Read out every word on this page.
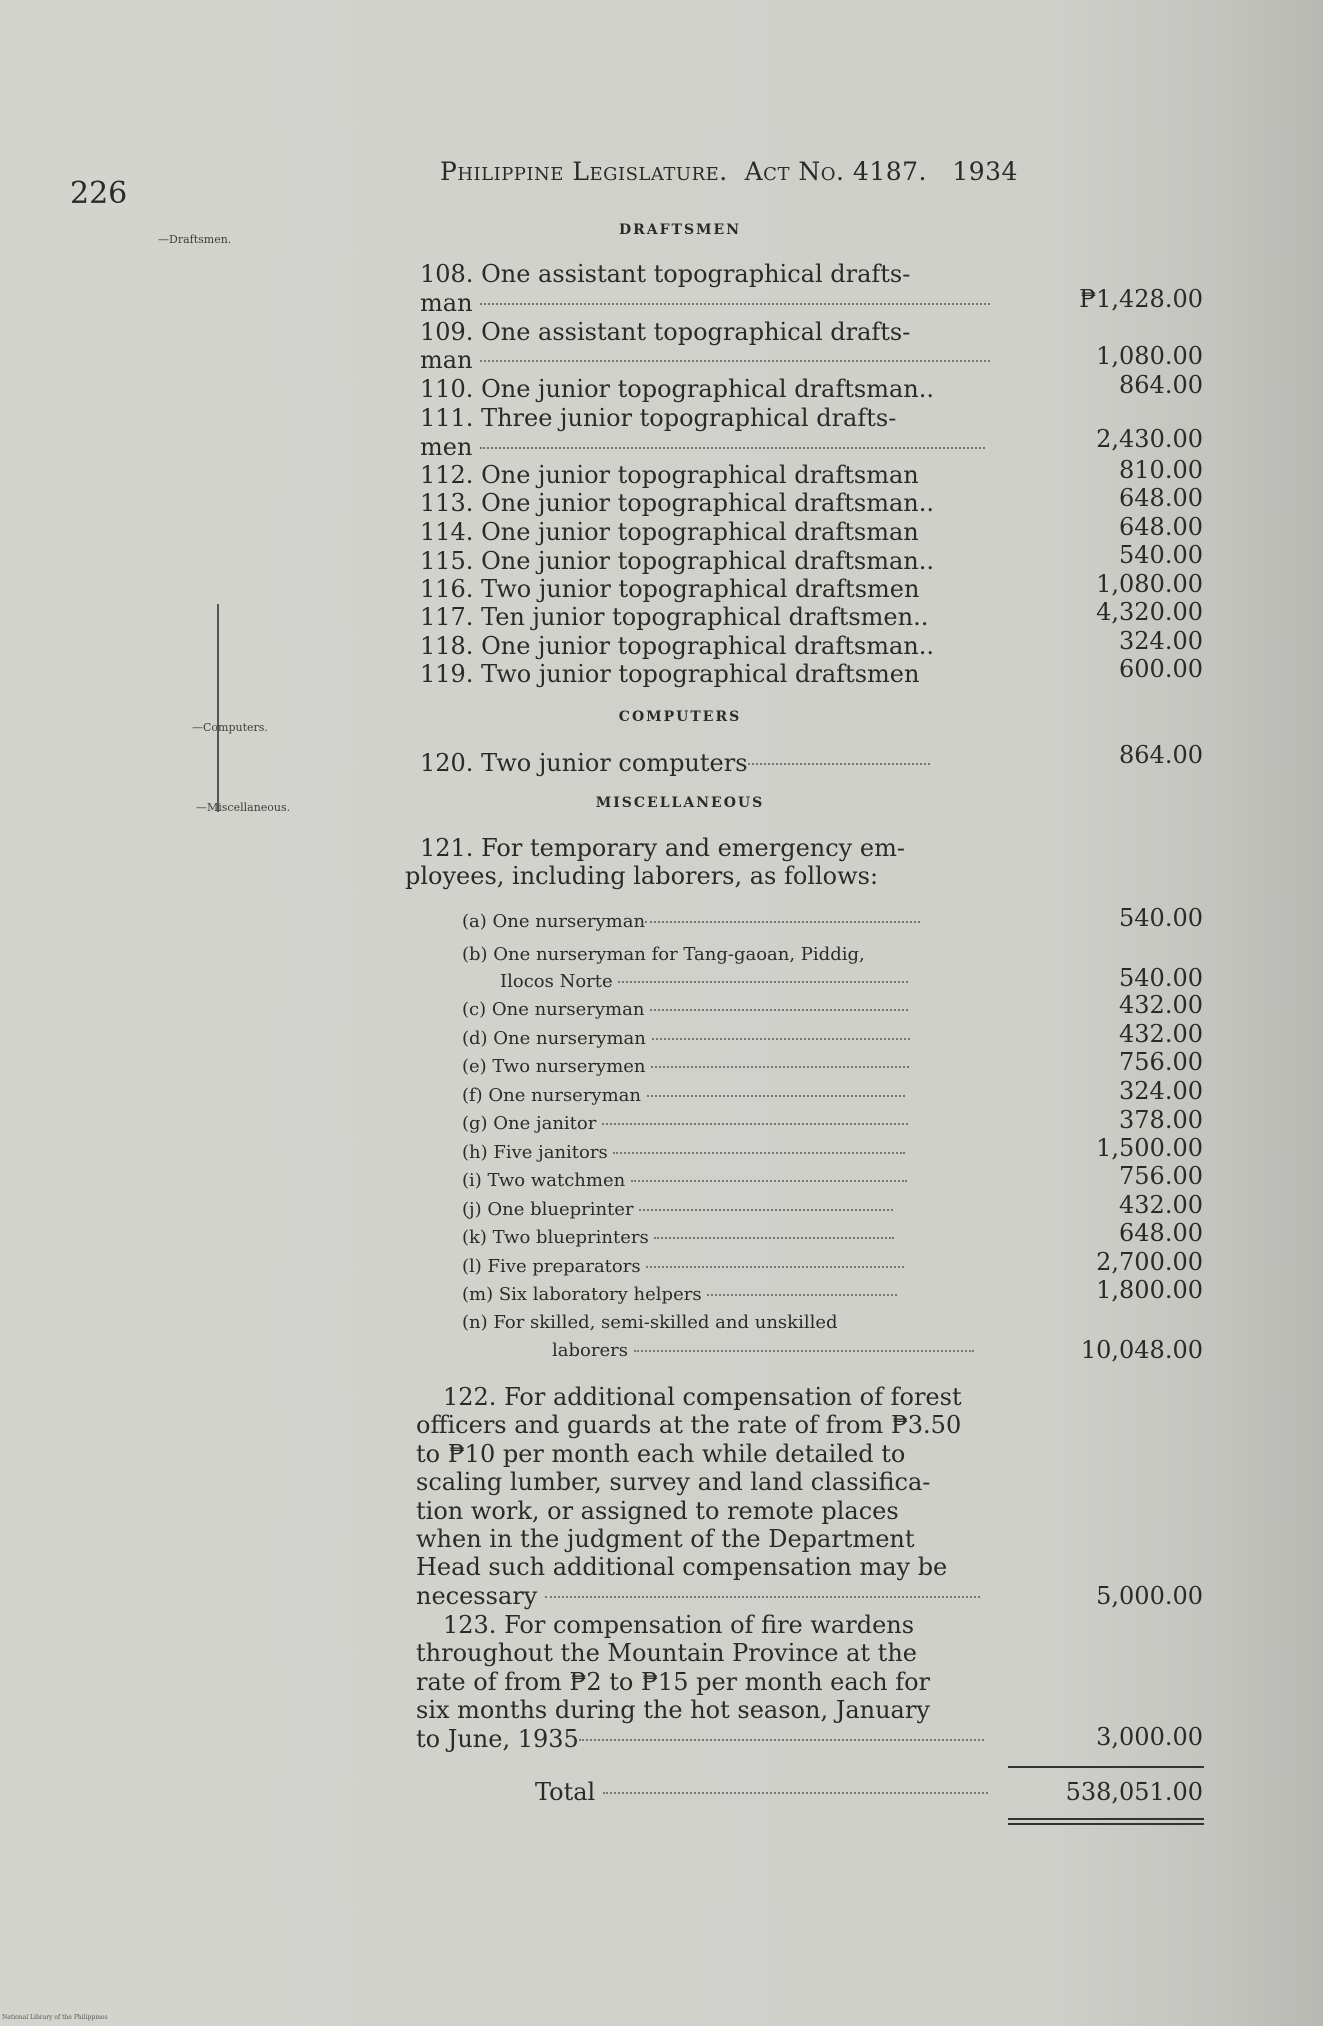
226
Philippine Legislature. Act No. 4187. 1934
—Draftsmen.
—Computers.
—Miscellaneous.
DRAFTSMEN
108. One assistant topographical drafts-
man	₱1,428.00
109. One assistant topographical drafts-
man	1,080.00
110. One junior topographical draftsman..	864.00
111. Three junior topographical drafts-
men	2,430.00
112. One junior topographical draftsman	810.00
113. One junior topographical draftsman..	648.00
114. One junior topographical draftsman	648.00
115. One junior topographical draftsman..	540.00
116. Two junior topographical draftsmen	1,080.00
117. Ten junior topographical draftsmen..	4,320.00
118. One junior topographical draftsman..	324.00
119. Two junior topographical draftsmen	600.00
COMPUTERS
120. Two junior computers	864.00
MISCELLANEOUS
121. For temporary and emergency em-
ployees, including laborers, as follows:
(a) One nurseryman	540.00
(b) One nurseryman for Tang-gaoan, Piddig,
Ilocos Norte	540.00
(c) One nurseryman	432.00
(d) One nurseryman	432.00
(e) Two nurserymen	756.00
(f) One nurseryman	324.00
(g) One janitor	378.00
(h) Five janitors	1,500.00
(i) Two watchmen	756.00
(j) One blueprinter	432.00
(k) Two blueprinters	648.00
(l) Five preparators	2,700.00
(m) Six laboratory helpers	1,800.00
(n) For skilled, semi-skilled and unskilled
laborers	10,048.00
122. For additional compensation of forest
officers and guards at the rate of from ₱3.50
to ₱10 per month each while detailed to
scaling lumber, survey and land classifica-
tion work, or assigned to remote places
when in the judgment of the Department
Head such additional compensation may be
necessary	5,000.00
123. For compensation of fire wardens
throughout the Mountain Province at the
rate of from ₱2 to ₱15 per month each for
six months during the hot season, January
to June, 1935	3,000.00
Total	538,051.00
National Library of the Philippines
